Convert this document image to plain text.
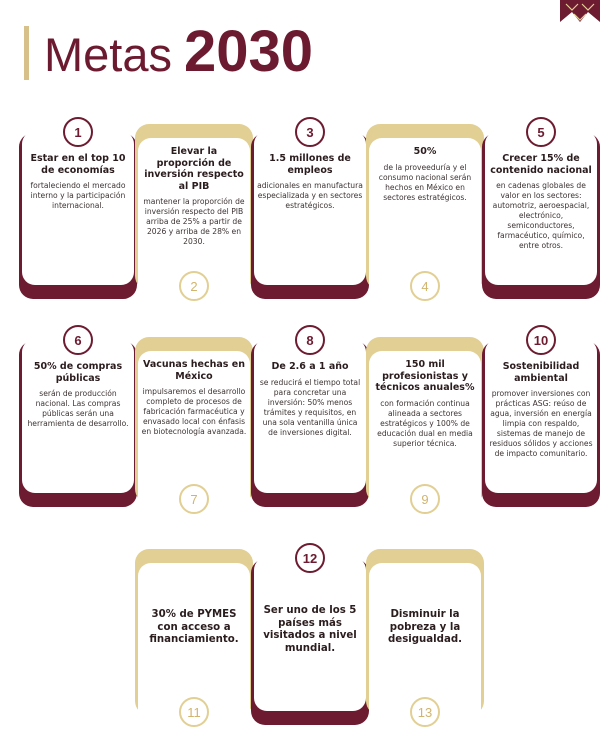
Metas 2030
Estar en el top 10 de economías
fortaleciendo el mercado interno y la participación internacional.
1
Elevar la proporción de inversión respecto al PIB
mantener la proporción de inversión respecto del PIB arriba de 25% a partir de 2026 y arriba de 28% en 2030.
2
1.5 millones de empleos
adicionales en manufactura especializada y en sectores estratégicos.
3
50%
de la proveeduría y el consumo nacional serán hechos en México en sectores estratégicos.
4
Crecer 15% de contenido nacional
en cadenas globales de valor en los sectores: automotriz, aeroespacial, electrónico, semiconductores, farmacéutico, químico, entre otros.
5
50% de compras públicas
serán de producción nacional. Las compras públicas serán una herramienta de desarrollo.
6
Vacunas hechas en México
impulsaremos el desarrollo completo de procesos de fabricación farmacéutica y envasado local con énfasis en biotecnología avanzada.
7
De 2.6 a 1 año
se reducirá el tiempo total para concretar una inversión: 50% menos trámites y requisitos, en una sola ventanilla única de inversiones digital.
8
150 mil profesionistas y técnicos anuales%
con formación continua alineada a sectores estratégicos y 100% de educación dual en media superior técnica.
9
Sostenibilidad ambiental
promover inversiones con prácticas ASG: reúso de agua, inversión en energía limpia con respaldo, sistemas de manejo de residuos sólidos y acciones de impacto comunitario.
10
30% de PYMES con acceso a financiamiento.
11
Ser uno de los 5 países más visitados a nivel mundial.
12
Disminuir la pobreza y la desigualdad.
13
